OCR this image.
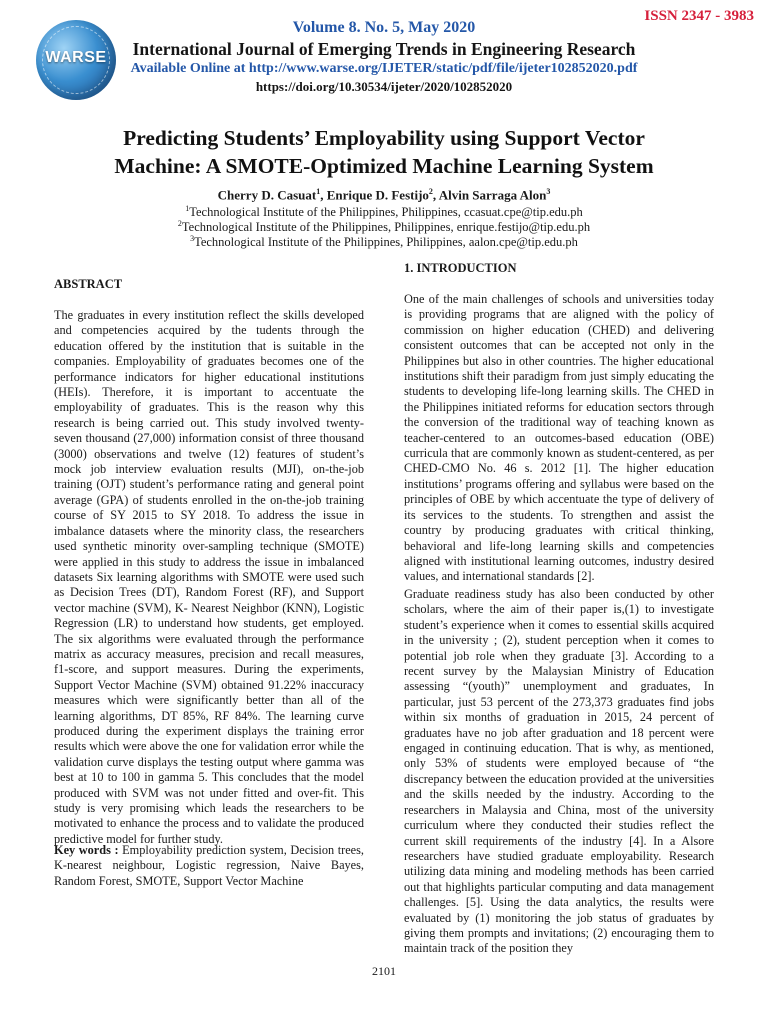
WARSE
ISSN 2347 - 3983
Volume 8. No. 5, May 2020
International Journal of Emerging Trends in Engineering Research
Available Online at http://www.warse.org/IJETER/static/pdf/file/ijeter102852020.pdf
https://doi.org/10.30534/ijeter/2020/102852020
Predicting Students’ Employability using Support Vector
Machine: A SMOTE-Optimized Machine Learning System
Cherry D. Casuat$^1$, Enrique D. Festijo$^2$, Alvin Sarraga Alon$^3$
$^1$Technological Institute of the Philippines, Philippines, ccasuat.cpe@tip.edu.ph
$^2$Technological Institute of the Philippines, Philippines, enrique.festijo@tip.edu.ph
$^3$Technological Institute of the Philippines, Philippines, aalon.cpe@tip.edu.ph
ABSTRACT

The graduates in every institution reflect the skills developed and competencies acquired by the tudents through the education offered by the institution that is suitable in the companies. Employability of graduates becomes one of the performance indicators for higher educational institutions (HEIs). Therefore, it is important to accentuate the employability of graduates. This is the reason why this research is being carried out. This study involved twenty-seven thousand (27,000) information consist of three thousand (3000) observations and twelve (12) features of student’s mock job interview evaluation results (MJI), on-the-job training (OJT) student’s performance rating and general point average (GPA) of students enrolled in the on-the-job training course of SY 2015 to SY 2018. To address the issue in imbalance datasets where the minority class, the researchers used synthetic minority over-sampling technique (SMOTE) were applied in this study to address the issue in imbalanced datasets Six learning algorithms with SMOTE were used such as Decision Trees (DT), Random Forest (RF), and Support vector machine (SVM), K- Nearest Neighbor (KNN), Logistic Regression (LR) to understand how students, get employed. The six algorithms were evaluated through the performance matrix as accuracy measures, precision and recall measures, f1-score, and support measures. During the experiments, Support Vector Machine (SVM) obtained 91.22% inaccuracy measures which were significantly better than all of the learning algorithms, DT 85%, RF 84%. The learning curve produced during the experiment displays the training error results which were above the one for validation error while the validation curve displays the testing output where gamma was best at 10 to 100 in gamma 5. This concludes that the model produced with SVM was not under fitted and over-fit. This study is very promising which leads the researchers to be motivated to enhance the process and to validate the produced predictive model for further study.

Key words : Employability prediction system, Decision trees, K-nearest neighbour, Logistic regression, Naive Bayes, Random Forest, SMOTE, Support Vector Machine

1. INTRODUCTION

One of the main challenges of schools and universities today is providing programs that are aligned with the policy of commission on higher education (CHED) and delivering consistent outcomes that can be accepted not only in the Philippines but also in other countries. The higher educational institutions shift their paradigm from just simply educating the students to developing life-long learning skills. The CHED in the Philippines initiated reforms for education sectors through the conversion of the traditional way of teaching known as teacher-centered to an outcomes-based education (OBE) curricula that are commonly known as student-centered, as per CHED-CMO No. 46 s. 2012 [1]. The higher education institutions’ programs offering and syllabus were based on the principles of OBE by which accentuate the type of delivery of its services to the students. To strengthen and assist the country by producing graduates with critical thinking, behavioral and life-long learning skills and competencies aligned with institutional learning outcomes, industry desired values, and international standards [2].

Graduate readiness study has also been conducted by other scholars, where the aim of their paper is,(1) to investigate student’s experience when it comes to essential skills acquired in the university ; (2), student perception when it comes to potential job role when they graduate [3]. According to a recent survey by the Malaysian Ministry of Education assessing “(youth)” unemployment and graduates, In particular, just 53 percent of the 273,373 graduates find jobs within six months of graduation in 2015, 24 percent of graduates have no job after graduation and 18 percent were engaged in continuing education. That is why, as mentioned, only 53% of students were employed because of “the discrepancy between the education provided at the universities and the skills needed by the industry. According to the researchers in Malaysia and China, most of the university curriculum where they conducted their studies reflect the current skill requirements of the industry [4]. In a Alsore researchers have studied graduate employability. Research utilizing data mining and modeling methods has been carried out that highlights particular computing and data management challenges. [5]. Using the data analytics, the results were evaluated by (1) monitoring the job status of graduates by giving them prompts and invitations; (2) encouraging them to maintain track of the position they

2101
